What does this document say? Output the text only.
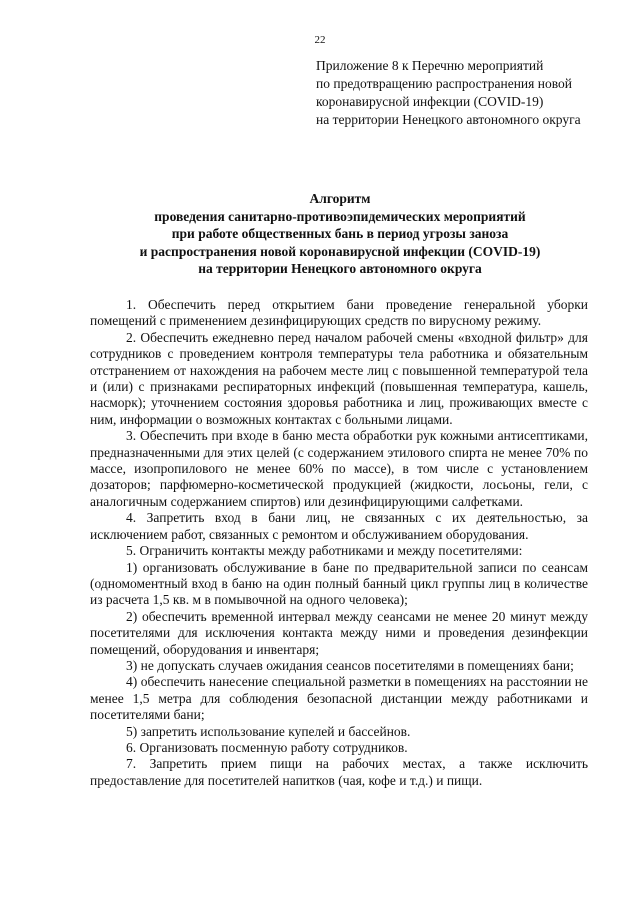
22
Приложение 8 к Перечню мероприятий
по предотвращению распространения новой
коронавирусной инфекции (COVID-19)
на территории Ненецкого автономного округа
Алгоритм
проведения санитарно-противоэпидемических мероприятий
при работе общественных бань в период угрозы заноза
и распространения новой коронавирусной инфекции (COVID-19)
на территории Ненецкого автономного округа

1. Обеспечить перед открытием бани проведение генеральной уборки помещений с применением дезинфицирующих средств по вирусному режиму.

2. Обеспечить ежедневно перед началом рабочей смены «входной фильтр» для сотрудников с проведением контроля температуры тела работника и обязательным отстранением от нахождения на рабочем месте лиц с повышенной температурой тела и (или) с признаками респираторных инфекций (повышенная температура, кашель, насморк); уточнением состояния здоровья работника и лиц, проживающих вместе с ним, информации о возможных контактах с больными лицами.

3. Обеспечить при входе в баню места обработки рук кожными антисептиками, предназначенными для этих целей (с содержанием этилового спирта не менее 70% по массе, изопропилового не менее 60% по массе), в том числе с установлением дозаторов; парфюмерно-косметической продукцией (жидкости, лосьоны, гели, с аналогичным содержанием спиртов) или дезинфицирующими салфетками.

4. Запретить вход в бани лиц, не связанных с их деятельностью, за исключением работ, связанных с ремонтом и обслуживанием оборудования.

5. Ограничить контакты между работниками и между посетителями:

1) организовать обслуживание в бане по предварительной записи по сеансам (одномоментный вход в баню на один полный банный цикл группы лиц в количестве из расчета 1,5 кв. м в помывочной на одного человека);

2) обеспечить временной интервал между сеансами не менее 20 минут между посетителями для исключения контакта между ними и проведения дезинфекции помещений, оборудования и инвентаря;

3) не допускать случаев ожидания сеансов посетителями в помещениях бани;

4) обеспечить нанесение специальной разметки в помещениях на расстоянии не менее 1,5 метра для соблюдения безопасной дистанции между работниками и посетителями бани;

5) запретить использование купелей и бассейнов.

6. Организовать посменную работу сотрудников.

7. Запретить прием пищи на рабочих местах, а также исключить предоставление для посетителей напитков (чая, кофе и т.д.) и пищи.
